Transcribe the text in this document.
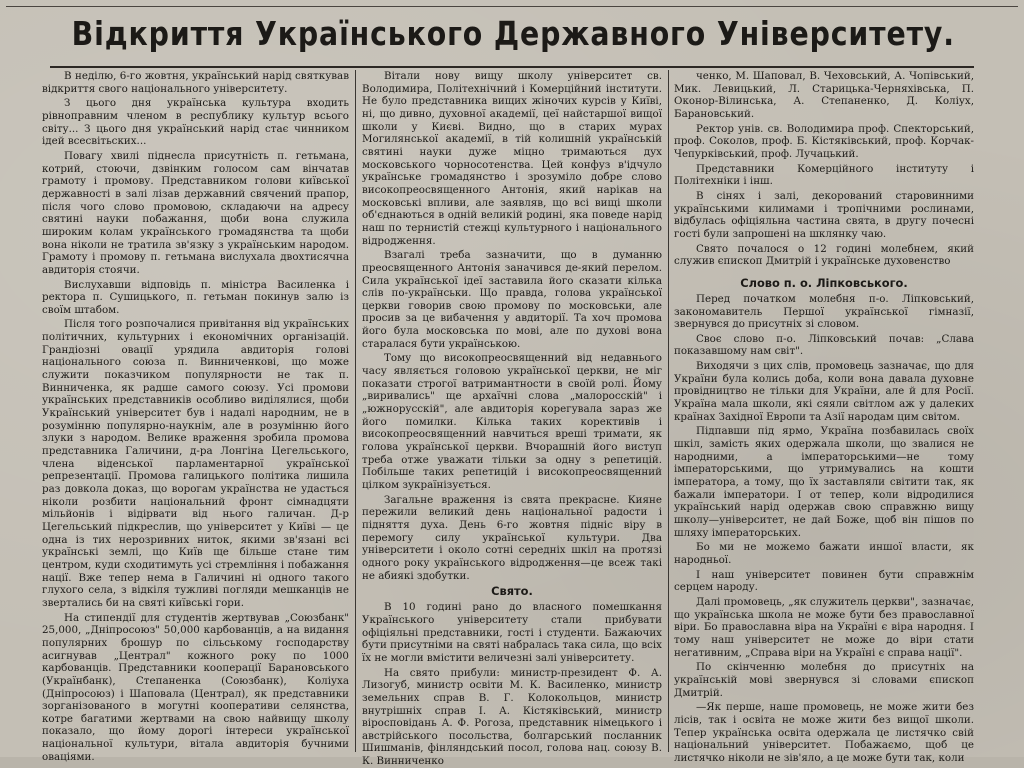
Відкриття Українського Державного Університету.

В неділю, 6-го жовтня, український нарід святкував відкриття свого національного університету.

З цього дня українська культура входить рівноправним членом в республику культур всього світу... З цього дня український нарід стає чинником ідей всесвітьских...

Повагу хвилі піднесла присутність п. гетьмана, котрий, стоючи, дзвінким голосом сам вінчатав грамоту і промову. Представником голови київської державності в залі лізав державний свячений прапор, після чого слово промовою, складаючи на адресу святині науки побажання, щоби вона служила широким колам українського громадянства та щоби вона ніколи не тратила зв'язку з українським народом. Грамоту і промову п. гетьмана вислухала двохтисячна авдиторія стоячи.

Вислухавши відповідь п. міністра Василенка і ректора п. Сушицького, п. гетьман покинув залю із своїм штабом.

Після того розпочалися привітання від українських політичних, культурних і економічних організацій. Грандіозні овації урядила авдиторія голові національного союза п. Винниченкові, що може служити показчиком популярности не так п. Винниченка, як радше самого союзу. Усі промови українських представників особливо виділялися, щоби Український університет був і надалі народним, не в розумінню популярно-наукнім, але в розумінню його злуки з народом. Велике враження зробила промова представника Галичини, д-ра Лонгіна Цегельського, члена віденської парламентарної української репрезентації. Промова галицького політика лишила раз довкола доказ, що ворогам українства не удасться ніколи розбити національний фронт сімнадцяти мільйонів і відірвати від нього галичан. Д-р Цегельський підкреслив, що університет у Київі — це одна із тих нерозривних ниток, якими зв'язані всі українські землі, що Київ ще більше стане тим центром, куди сходитимуть усі стремління і побажання нації. Вже тепер нема в Галичині ні одного такого глухого села, з відкіля тужливі погляди мешканців не звертались би на святі київські гори.

На стипендії для студентів жертвував „Союзбанк" 25,000, „Дніпросоюз" 50,000 карбованців, а на видання популярних брошур по сільському господарству асигнував „Централ" кожного року по 1000 карбованців. Представники кооперації Барановського (Українбанк), Степаненка (Союзбанк), Коліуха (Дніпросоюз) і Шаповала (Централ), як представники зорганізованого в могутні кооперативи селянства, котре багатими жертвами на свою найвищу школу показало, що йому дорогі інтереси української національної культури, вітала авдиторія бучними оваціями.

Вітали нову вищу школу університет св. Володимира, Політехнічний і Комерційний інститути. Не було представника вищих жіночих курсів у Київі, ні, що дивно, духовної академії, цеї найстаршої вищої школи у Києві. Видно, що в старих мурах Могилянської академії, в тій колишній українській святині науки дуже міцно тримаються дух московського чорносотенства. Цей конфуз в'ідчуло українське громадянство і зрозуміло добре слово високопреосвященного Антонія, який нарікав на московські впливи, але заявляв, що всі вищі школи об'єднаються в одній великій родині, яка поведе нарід наш по тернистій стежці культурного і національного відродження.

Взагалі треба зазначити, що в думанню преосвященного Антонія заначився де-який перелом. Сила української ідеї заставила його сказати кілька слів по-українськи. Що правда, голова української церкви говорив свою промову по московськи, але просив за це вибачення у авдиторії. Та хоч промова його була московська по мові, але по духові вона старалася бути українською.

Тому що високопреосвященний від недавнього часу являється головою української церкви, не міг показати строгої ватримантности в своїй ролі. Йому „виривались" ще архаїчні слова „малоросскій" і „южнорусскій", але авдиторія корегувала зараз же його помилки. Кілька таких корективів і високопреосвященний навчиться вреші тримати, як голова української церкви. Вчорашній його виступ треба отже уважати тільки за одну з репетицій. Побільше таких репетицій і високопреосвященний цілком зукраїнізується.

Загальне враження із свята прекрасне. Кияне пережили великий день національної радости і підняття духа. День 6-го жовтня підніс віру в перемогу силу української культури. Два університети і около сотні середніх шкіл на протязі одного року українського відродження—це всеж такі не абиякі здобутки.

Свято.

В 10 годині рано до власного помешкання Українського університету стали прибувати офіціяльні представники, гості і студенти. Бажаючих бути присутніми на святі набралась така сила, що всіх їх не могли вмістити величезні залі університету.

На свято прибули: министр-президент Ф. А. Лизогуб, министр освіти М. К. Василенко, министр земельних справ В. Г. Колокольцов, министр внутрішніх справ І. А. Кістяківський, министр віросповідань А. Ф. Рогоза, представник німецького і австрійського посольства, болгарський посланник Шишманів, фінляндський посол, голова нац. союзу В. К. Винниченко

ченко, М. Шаповал, В. Чеховський, А. Чопівський, Мик. Левицький, Л. Старицька-Черняхівська, П. Оконор-Вілинська, А. Степаненко, Д. Коліух, Барановський.

Ректор унів. св. Володимира проф. Спекторський, проф. Соколов, проф. Б. Кістяківський, проф. Корчак-Чепурківський, проф. Лучацький.

Представники Комерційного інституту і Політехніки і інш.

В сінях і залі, декорований старовинними українськими килимами і тропічними рослинами, відбулась офіціяльна частина свята, в другу почесні гості були запрошені на шклянку чаю.

Свято почалося о 12 годині молебнем, який служив єпископ Дмитрій і українське духовенство

Слово п. о. Ліпковського.

Перед початком молебня п-о. Ліпковський, закономавитель Першої української гімназії, звернувся до присутніх зі словом.

Своє слово п-о. Ліпковський почав: „Слава показавшому нам світ".

Виходячи з цих слів, промовець зазначає, що для України була колись доба, коли вона давала духовне провідництво не тільки для України, але й для Росії. Україна мала школи, які сяяли світлом аж у далеких країнах Західної Европи та Азії народам цим світом.

Підпавши під ярмо, Україна позбавилась своїх шкіл, замість яких одержала школи, що звалися не народними, а імператорськими—не тому імператорськими, що утримувались на кошти імператора, а тому, що їх заставляли світити так, як бажали імператори. І от тепер, коли відродилися український нарід одержав свою справжню вищу школу—університет, не дай Боже, щоб він пішов по шляху імператорських.

Бо ми не можемо бажати иншої власти, як народньої.

І наш університет повинен бути справжнім серцем народу.

Далі промовець, „як служитель церкви", зазначає, що українська школа не може бути без православної віри. Бо православна віра на Україні є віра народня. І тому наш університет не може до віри стати негативним, „Справа віри на Україні є справа нації".

По скінченню молебня до присутніх на українській мові звернувся зі словами єпископ Дмитрій.

—Як перше, наше промовець, не може жити без лісів, так і освіта не може жити без вищої школи. Тепер українська освіта одержала це листячко свій національний університет. Побажаємо, щоб це листячко ніколи не зів'яло, а це може бути так, коли
